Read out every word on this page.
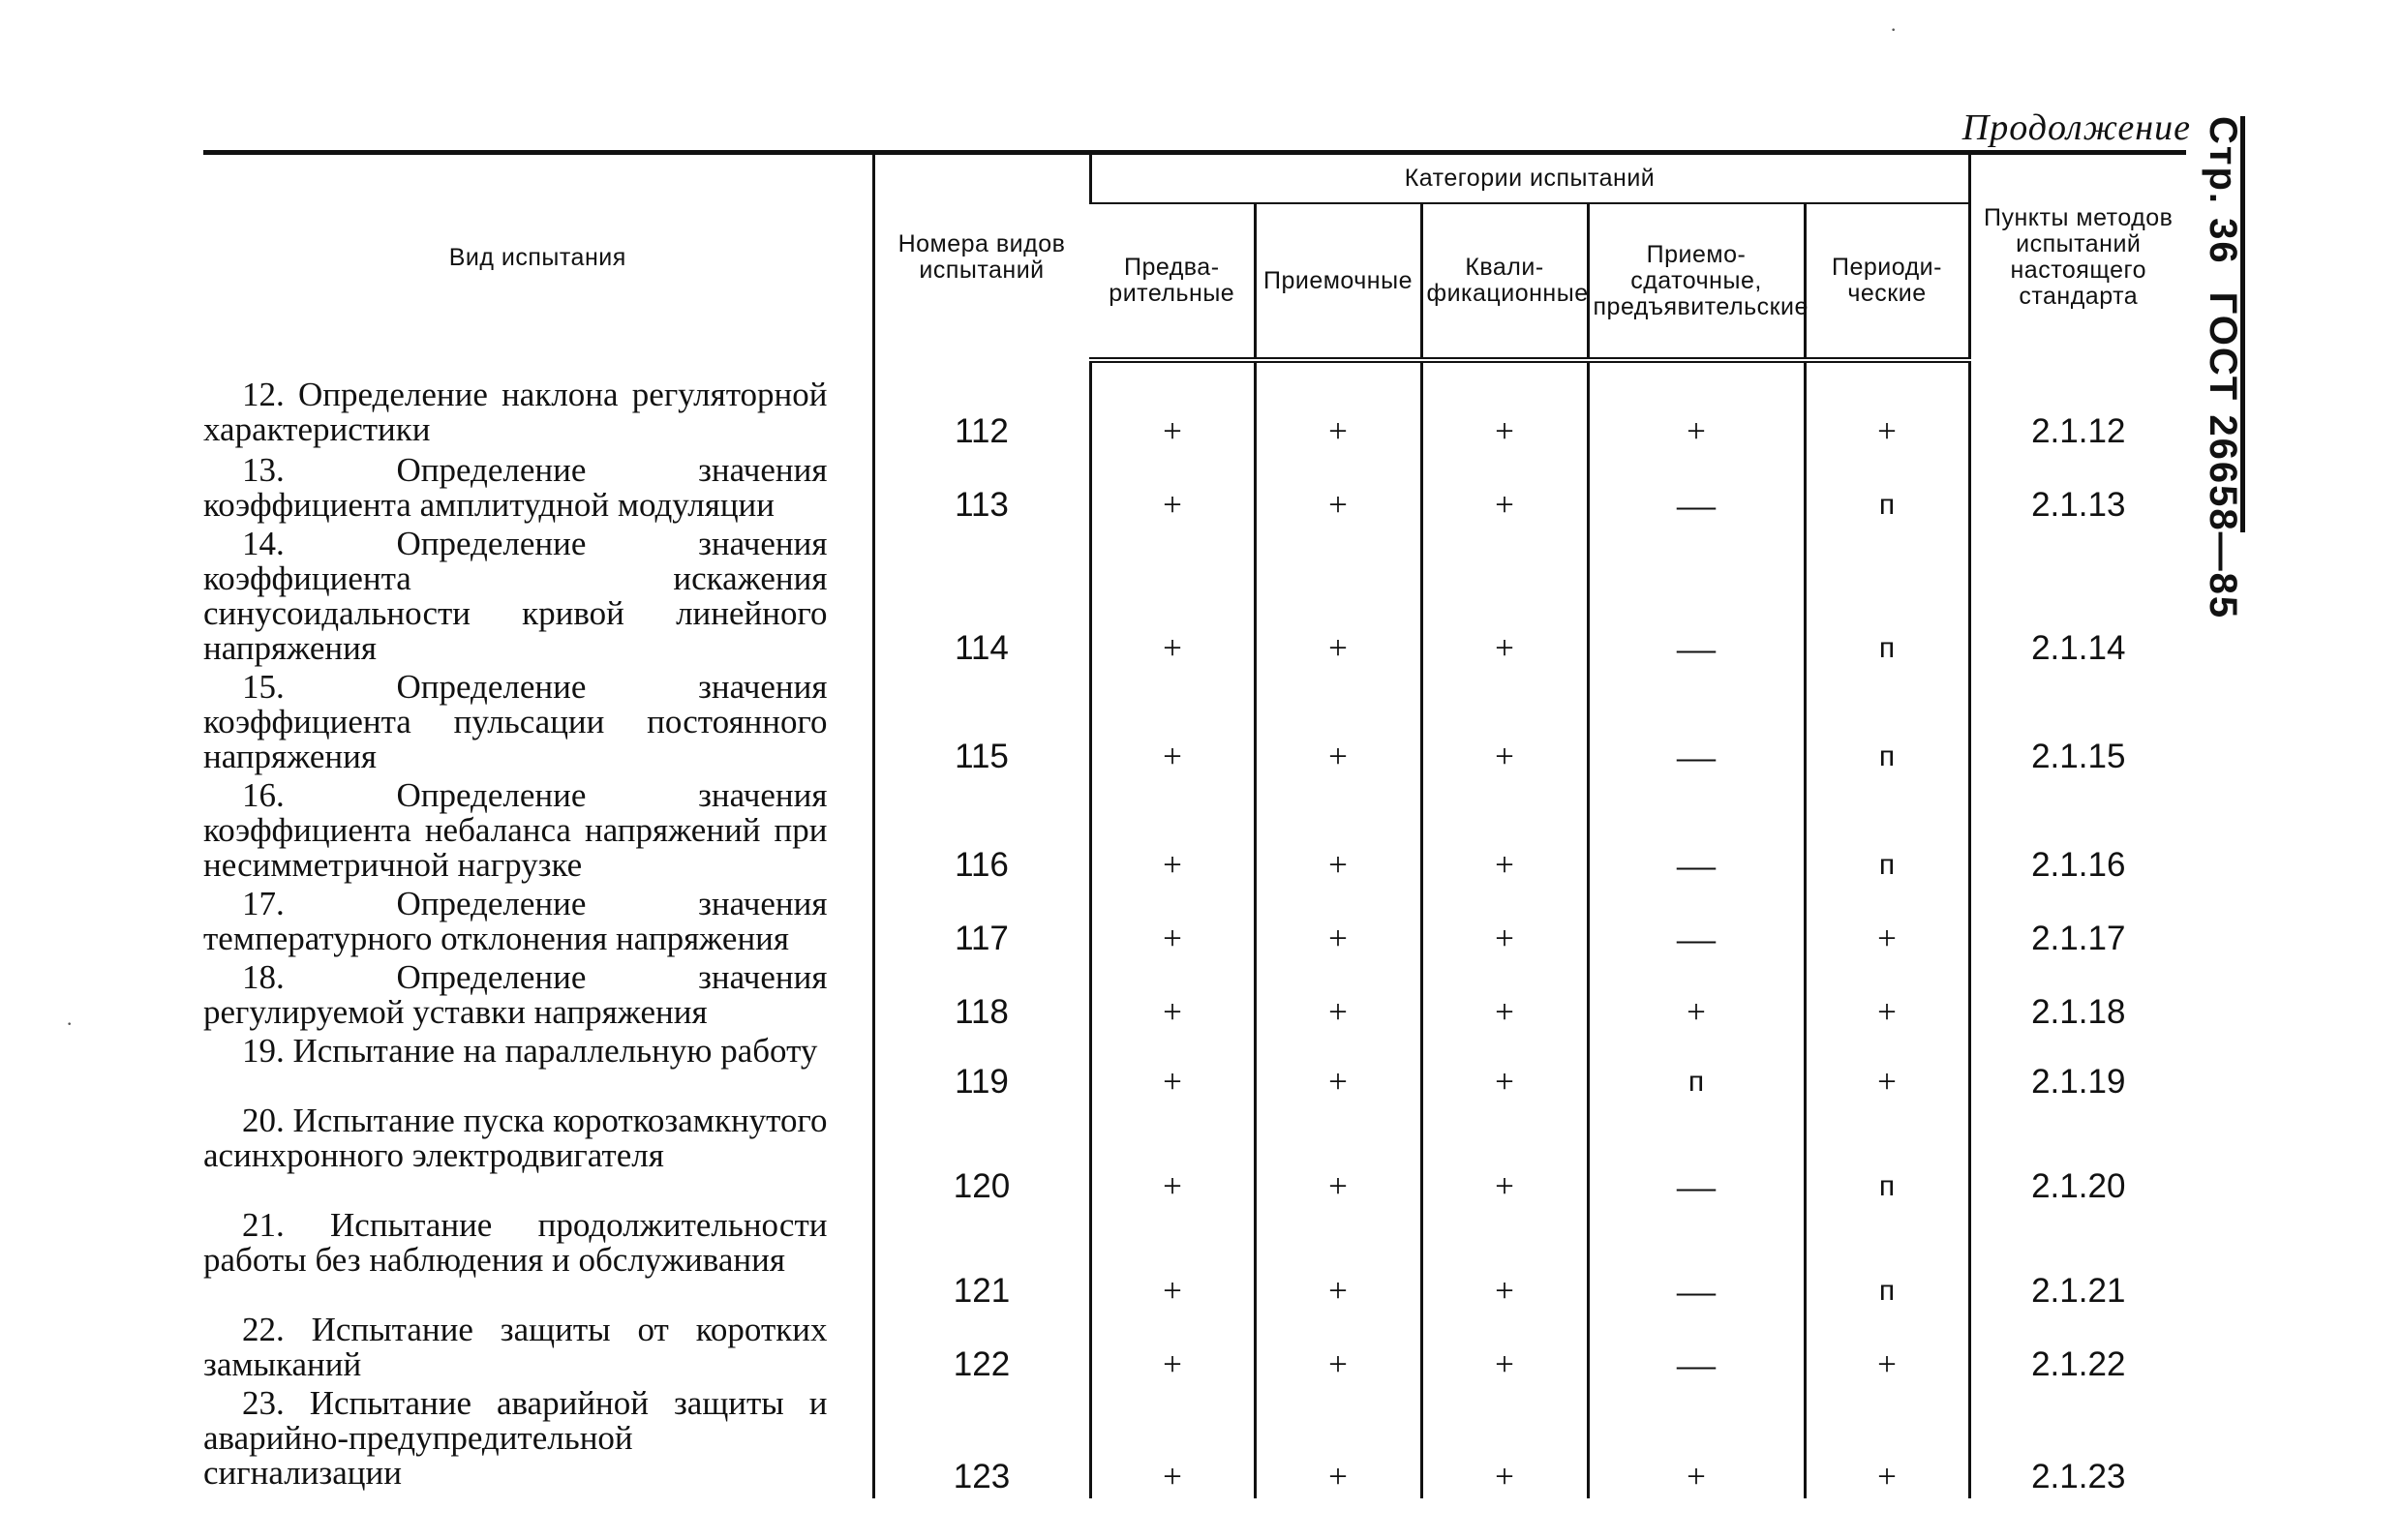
Продолжение Стр. 36ГОСТ 26658—85
Вид испытания	Номера видов испытаний	Категории испытаний					Пункты методов испытаний настоящего стандарта
		Предва-рительные	Приемочные	Квали-фикационные	Приемо-сдаточные, предъявительские	Периоди-ческие	
12. Определение наклона регуляторной характеристики	112	+	+	+	+	+	2.1.12
13. Определение значения коэффициента амплитудной модуляции	113	+	+	+	—	п	2.1.13
14. Определение значения коэффициента искажения синусоидальности кривой линейного напряжения	114	+	+	+	—	п	2.1.14
15. Определение значения коэффициента пульсации постоянного напряжения	115	+	+	+	—	п	2.1.15
16. Определение значения коэффициента небаланса напряжений при несимметричной нагрузке	116	+	+	+	—	п	2.1.16
17. Определение значения температурного отклонения напряжения	117	+	+	+	—	+	2.1.17
18. Определение значения регулируемой уставки напряжения	118	+	+	+	+	+	2.1.18
19. Испытание на параллельную работу	119	+	+	+	п	+	2.1.19
20. Испытание пуска короткозамкнутого асинхронного электродвигателя	120	+	+	+	—	п	2.1.20
21. Испытание продолжительности работы без наблюдения и обслуживания	121	+	+	+	—	п	2.1.21
22. Испытание защиты от коротких замыканий	122	+	+	+	—	+	2.1.22
23. Испытание аварийной защиты и аварийно-предупредительной сигнализации	123	+	+	+	+	+	2.1.23
·
·
